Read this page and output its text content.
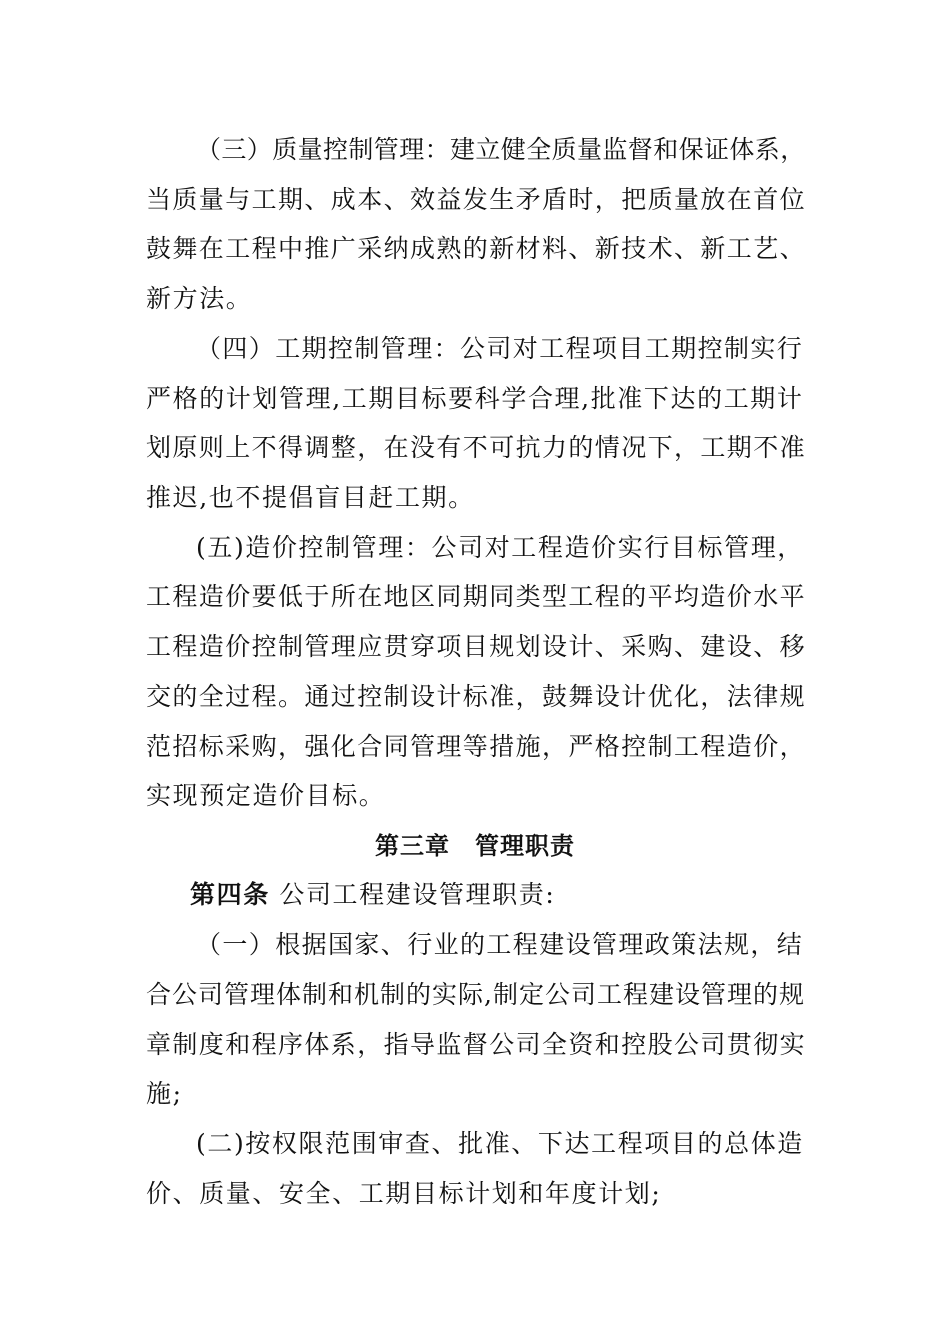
（三）质量控制管理：建立健全质量监督和保证体系，
当质量与工期、成本、效益发生矛盾时，把质量放在首位
鼓舞在工程中推广采纳成熟的新材料、新技术、新工艺、
新方法。
（四）工期控制管理：公司对工程项目工期控制实行
严格的计划管理,工期目标要科学合理,批准下达的工期计
划原则上不得调整，在没有不可抗力的情况下，工期不准
推迟,也不提倡盲目赶工期。
(五)造价控制管理：公司对工程造价实行目标管理，
工程造价要低于所在地区同期同类型工程的平均造价水平
工程造价控制管理应贯穿项目规划设计、采购、建设、移
交的全过程。通过控制设计标准，鼓舞设计优化，法律规
范招标采购，强化合同管理等措施，严格控制工程造价，
实现预定造价目标。
第三章　管理职责
第四条 公司工程建设管理职责:
（一）根据国家、行业的工程建设管理政策法规，结
合公司管理体制和机制的实际,制定公司工程建设管理的规
章制度和程序体系，指导监督公司全资和控股公司贯彻实
施;
(二)按权限范围审查、批准、下达工程项目的总体造
价、质量、安全、工期目标计划和年度计划;
